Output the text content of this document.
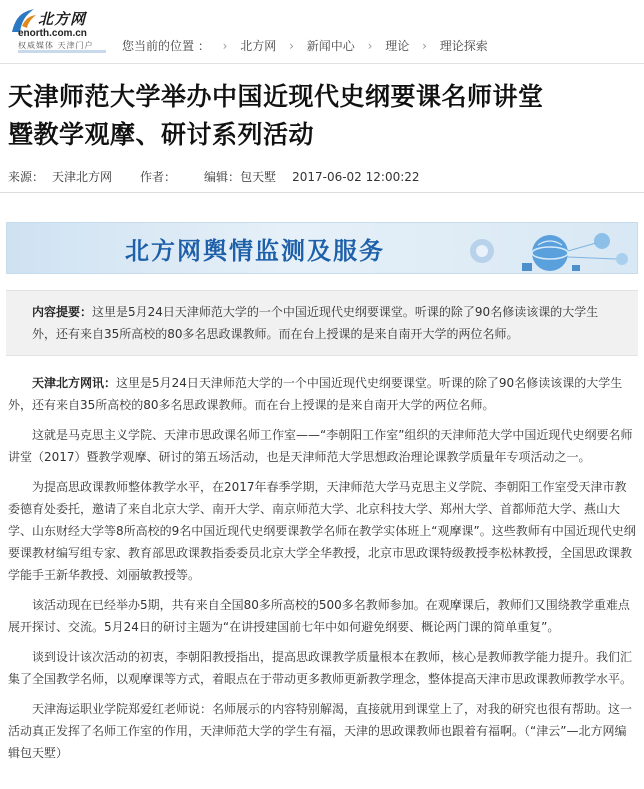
北方网
enorth.com.cn
权威媒体 天津门户 您当前的位置 ： › 北方网 › 新闻中心 › 理论 › 理论探索
天津师范大学举办中国近现代史纲要课名师讲堂
暨教学观摩、研讨系列活动
来源： 天津北方网 作者： 编辑：包天墅 2017-06-02 12:00:22
北方网舆情监测及服务
内容提要：这里是5月24日天津师范大学的一个中国近现代史纲要课堂。听课的除了90名修读该课的大学生外，还有来自35所高校的80多名思政课教师。而在台上授课的是来自南开大学的两位名师。

天津北方网讯：这里是5月24日天津师范大学的一个中国近现代史纲要课堂。听课的除了90名修读该课的大学生外，还有来自35所高校的80多名思政课教师。而在台上授课的是来自南开大学的两位名师。

这就是马克思主义学院、天津市思政课名师工作室——“李朝阳工作室”组织的天津师范大学中国近现代史纲要名师讲堂（2017）暨教学观摩、研讨的第五场活动，也是天津师范大学思想政治理论课教学质量年专项活动之一。

为提高思政课教师整体教学水平，在2017年春季学期，天津师范大学马克思主义学院、李朝阳工作室受天津市教委德育处委托，邀请了来自北京大学、南开大学、南京师范大学、北京科技大学、郑州大学、首都师范大学、燕山大学、山东财经大学等8所高校的9名中国近现代史纲要课教学名师在教学实体班上“观摩课”。这些教师有中国近现代史纲要课教材编写组专家、教育部思政课教指委委员北京大学全华教授，北京市思政课特级教授李松林教授，全国思政课教学能手王新华教授、刘丽敏教授等。

该活动现在已经举办5期，共有来自全国80多所高校的500多名教师参加。在观摩课后，教师们又围绕教学重难点展开探讨、交流。5月24日的研讨主题为“在讲授建国前七年中如何避免纲要、概论两门课的简单重复”。

谈到设计该次活动的初衷，李朝阳教授指出，提高思政课教学质量根本在教师，核心是教师教学能力提升。我们汇集了全国教学名师，以观摩课等方式，着眼点在于带动更多教师更新教学理念，整体提高天津市思政课教师教学水平。

天津海运职业学院郑爱红老师说：名师展示的内容特别解渴，直接就用到课堂上了，对我的研究也很有帮助。这一活动真正发挥了名师工作室的作用，天津师范大学的学生有福，天津的思政课教师也跟着有福啊。（“津云”—北方网编辑包天墅）
